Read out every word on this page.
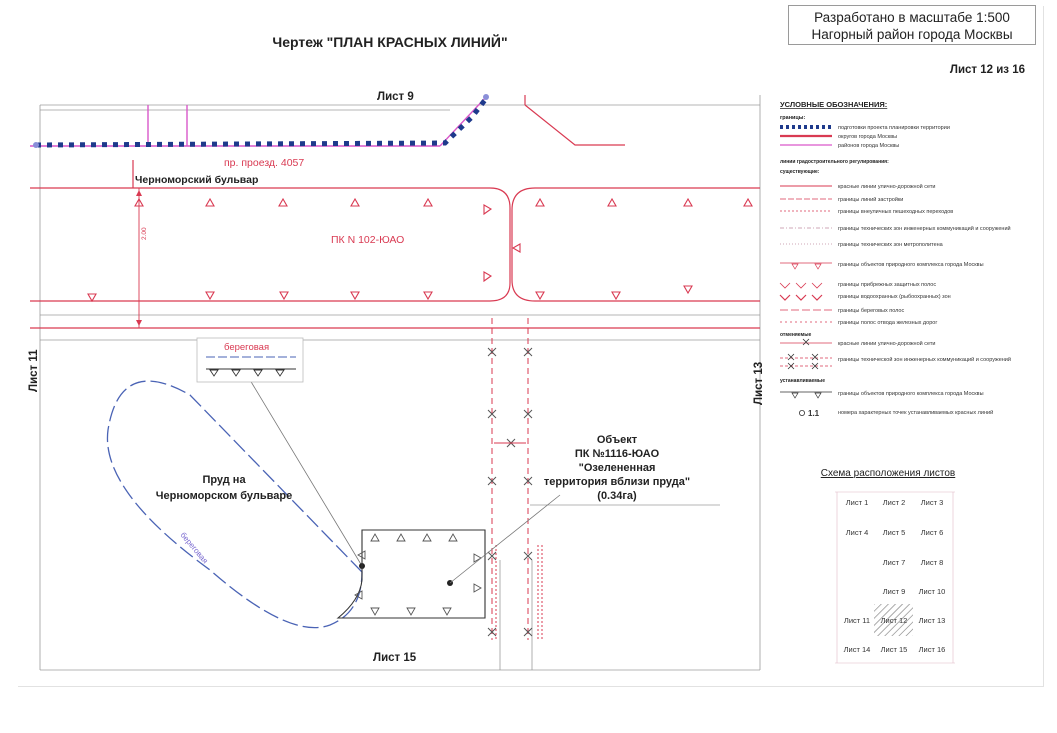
Разработано в масштабе 1:500
Нагорный район города Москвы
Чертеж "ПЛАН КРАСНЫХ ЛИНИЙ"
Лист 12 из 16
береговая
береговая
Лист 9
Лист 15
Лист 11	Лист 13
пр. проезд. 4057
Черноморский бульвар
ПК N 102-ЮАО
2.00
Пруд на
Черноморском бульваре
Объект
ПК №1116-ЮАО
"Озелененная
территория вблизи пруда"
(0.34га)
УСЛОВНЫЕ ОБОЗНАЧЕНИЯ:
границы:
подготовки проекта планировки территории
округов города Москвы
районов города Москвы
линии градостроительного регулирования:
существующие:
красные линии улично-дорожной сети
границы линий застройки
границы внеуличных пешеходных переходов
границы технических зон инженерных коммуникаций и сооружений
границы технических зон метрополитена
границы объектов природного комплекса города Москвы
границы прибрежных защитных полос
границы водоохранных (рыбоохранных) зон
границы береговых полос
границы полос отвода железных дорог
отменяемые
красные линии улично-дорожной сети
границы технической зон инженерных коммуникаций и сооружений
устанавливаемые
границы объектов природного комплекса города Москвы
1.1	номера характерных точек устанавливаемых красных линий
Схема расположения листов
Лист 1 Лист 2 Лист 3
Лист 4 Лист 5 Лист 6
Лист 7 Лист 8
Лист 9 Лист 10
Лист 11 Лист 12 Лист 13
Лист 14 Лист 15 Лист 16
